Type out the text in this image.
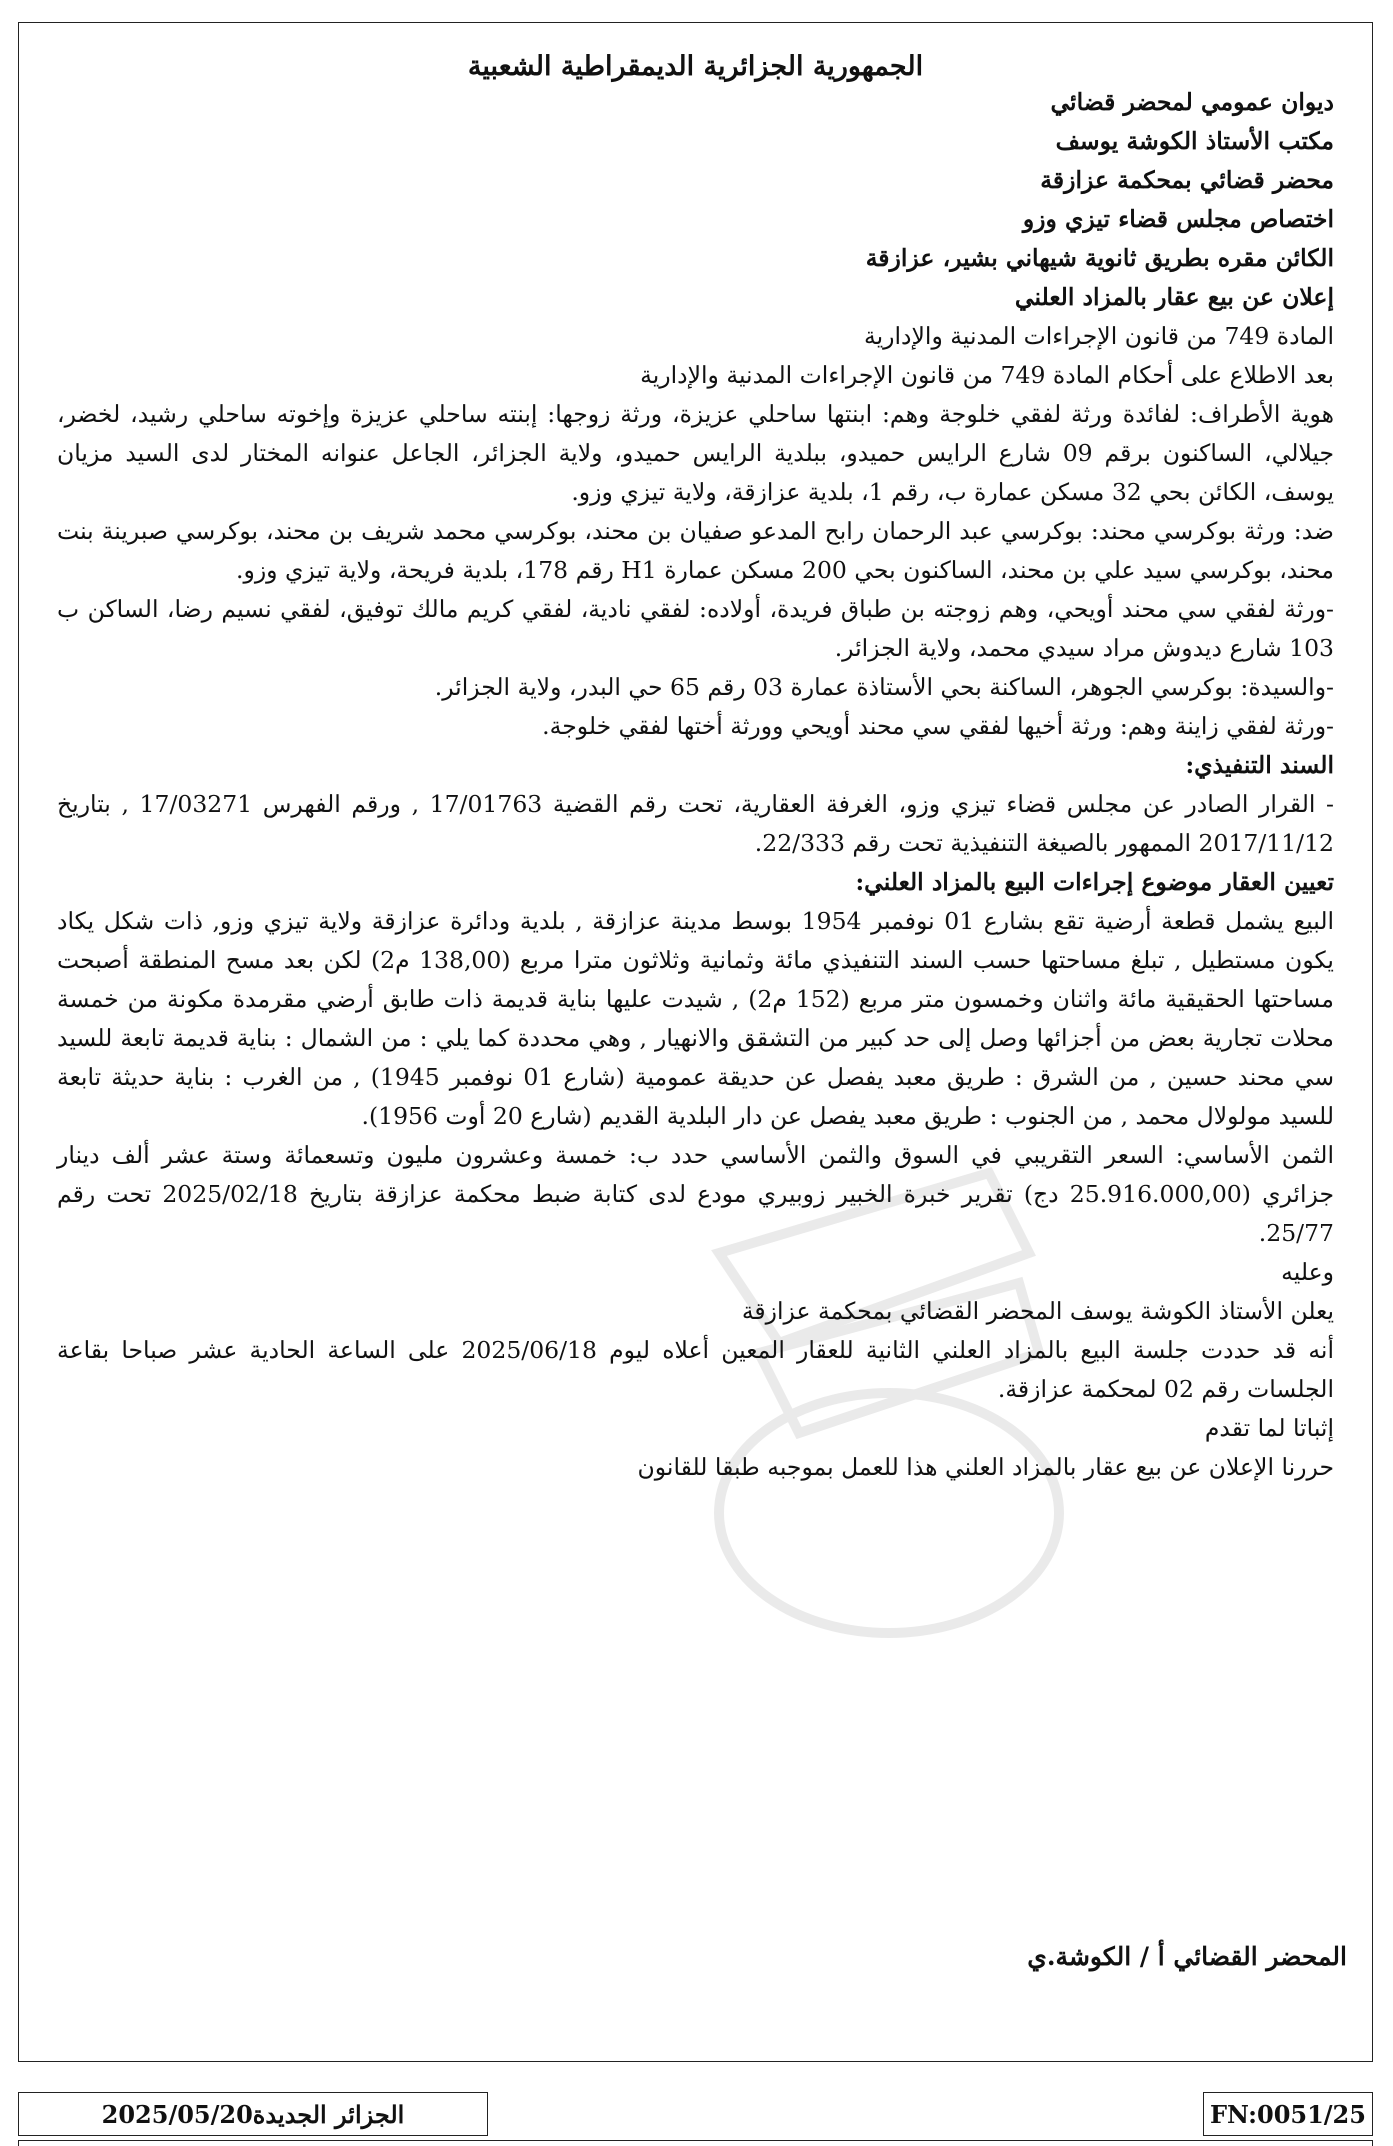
الجمهورية الجزائرية الديمقراطية الشعبية
ديوان عمومي لمحضر قضائي
مكتب الأستاذ الكوشة يوسف
محضر قضائي بمحكمة عزازقة
اختصاص مجلس قضاء تيزي وزو
الكائن مقره بطريق ثانوية شيهاني بشير، عزازقة
إعلان عن بيع عقار بالمزاد العلني
المادة 749 من قانون الإجراءات المدنية والإدارية
بعد الاطلاع على أحكام المادة 749 من قانون الإجراءات المدنية والإدارية

هوية الأطراف: لفائدة ورثة لفقي خلوجة وهم: ابنتها ساحلي عزيزة، ورثة زوجها: إبنته ساحلي عزيزة وإخوته ساحلي رشيد، لخضر، جيلالي، الساكنون برقم 09 شارع الرايس حميدو، ببلدية الرايس حميدو، ولاية الجزائر، الجاعل عنوانه المختار لدى السيد مزيان يوسف، الكائن بحي 32 مسكن عمارة ب، رقم 1، بلدية عزازقة، ولاية تيزي وزو.

ضد: ورثة بوكرسي محند: بوكرسي عبد الرحمان رابح المدعو صفيان بن محند، بوكرسي محمد شريف بن محند، بوكرسي صبرينة بنت محند، بوكرسي سيد علي بن محند، الساكنون بحي 200 مسكن عمارة H1 رقم 178، بلدية فريحة، ولاية تيزي وزو.

-ورثة لفقي سي محند أويحي، وهم زوجته بن طباق فريدة، أولاده: لفقي نادية، لفقي كريم مالك توفيق، لفقي نسيم رضا، الساكن ب 103 شارع ديدوش مراد سيدي محمد، ولاية الجزائر.

-والسيدة: بوكرسي الجوهر، الساكنة بحي الأستاذة عمارة 03 رقم 65 حي البدر، ولاية الجزائر.

-ورثة لفقي زاينة وهم: ورثة أخيها لفقي سي محند أويحي وورثة أختها لفقي خلوجة.

السند التنفيذي:

- القرار الصادر عن مجلس قضاء تيزي وزو، الغرفة العقارية، تحت رقم القضية 17/01763 , ورقم الفهرس 17/03271 , بتاريخ 2017/11/12 الممهور بالصيغة التنفيذية تحت رقم 22/333.

تعيين العقار موضوع إجراءات البيع بالمزاد العلني:

البيع يشمل قطعة أرضية تقع بشارع 01 نوفمبر 1954 بوسط مدينة عزازقة , بلدية ودائرة عزازقة ولاية تيزي وزو, ذات شكل يكاد يكون مستطيل , تبلغ مساحتها حسب السند التنفيذي مائة وثمانية وثلاثون مترا مربع (138,00 م2) لكن بعد مسح المنطقة أصبحت مساحتها الحقيقية مائة واثنان وخمسون متر مربع (152 م2) , شيدت عليها بناية قديمة ذات طابق أرضي مقرمدة مكونة من خمسة محلات تجارية بعض من أجزائها وصل إلى حد كبير من التشقق والانهيار , وهي محددة كما يلي : من الشمال : بناية قديمة تابعة للسيد سي محند حسين , من الشرق : طريق معبد يفصل عن حديقة عمومية (شارع 01 نوفمبر 1945) , من الغرب : بناية حديثة تابعة للسيد مولولال محمد , من الجنوب : طريق معبد يفصل عن دار البلدية القديم (شارع 20 أوت 1956).

الثمن الأساسي: السعر التقريبي في السوق والثمن الأساسي حدد ب: خمسة وعشرون مليون وتسعمائة وستة عشر ألف دينار جزائري (25.916.000,00 دج) تقرير خبرة الخبير زوبيري مودع لدى كتابة ضبط محكمة عزازقة بتاريخ 2025/02/18 تحت رقم 25/77.

وعليه

يعلن الأستاذ الكوشة يوسف المحضر القضائي بمحكمة عزازقة

أنه قد حددت جلسة البيع بالمزاد العلني الثانية للعقار المعين أعلاه ليوم 2025/06/18 على الساعة الحادية عشر صباحا بقاعة الجلسات رقم 02 لمحكمة عزازقة.

إثباتا لما تقدم

حررنا الإعلان عن بيع عقار بالمزاد العلني هذا للعمل بموجبه طبقا للقانون

المحضر القضائي أ / الكوشة.ي
الجزائر الجديدة2025/05/20	FN:0051/25
